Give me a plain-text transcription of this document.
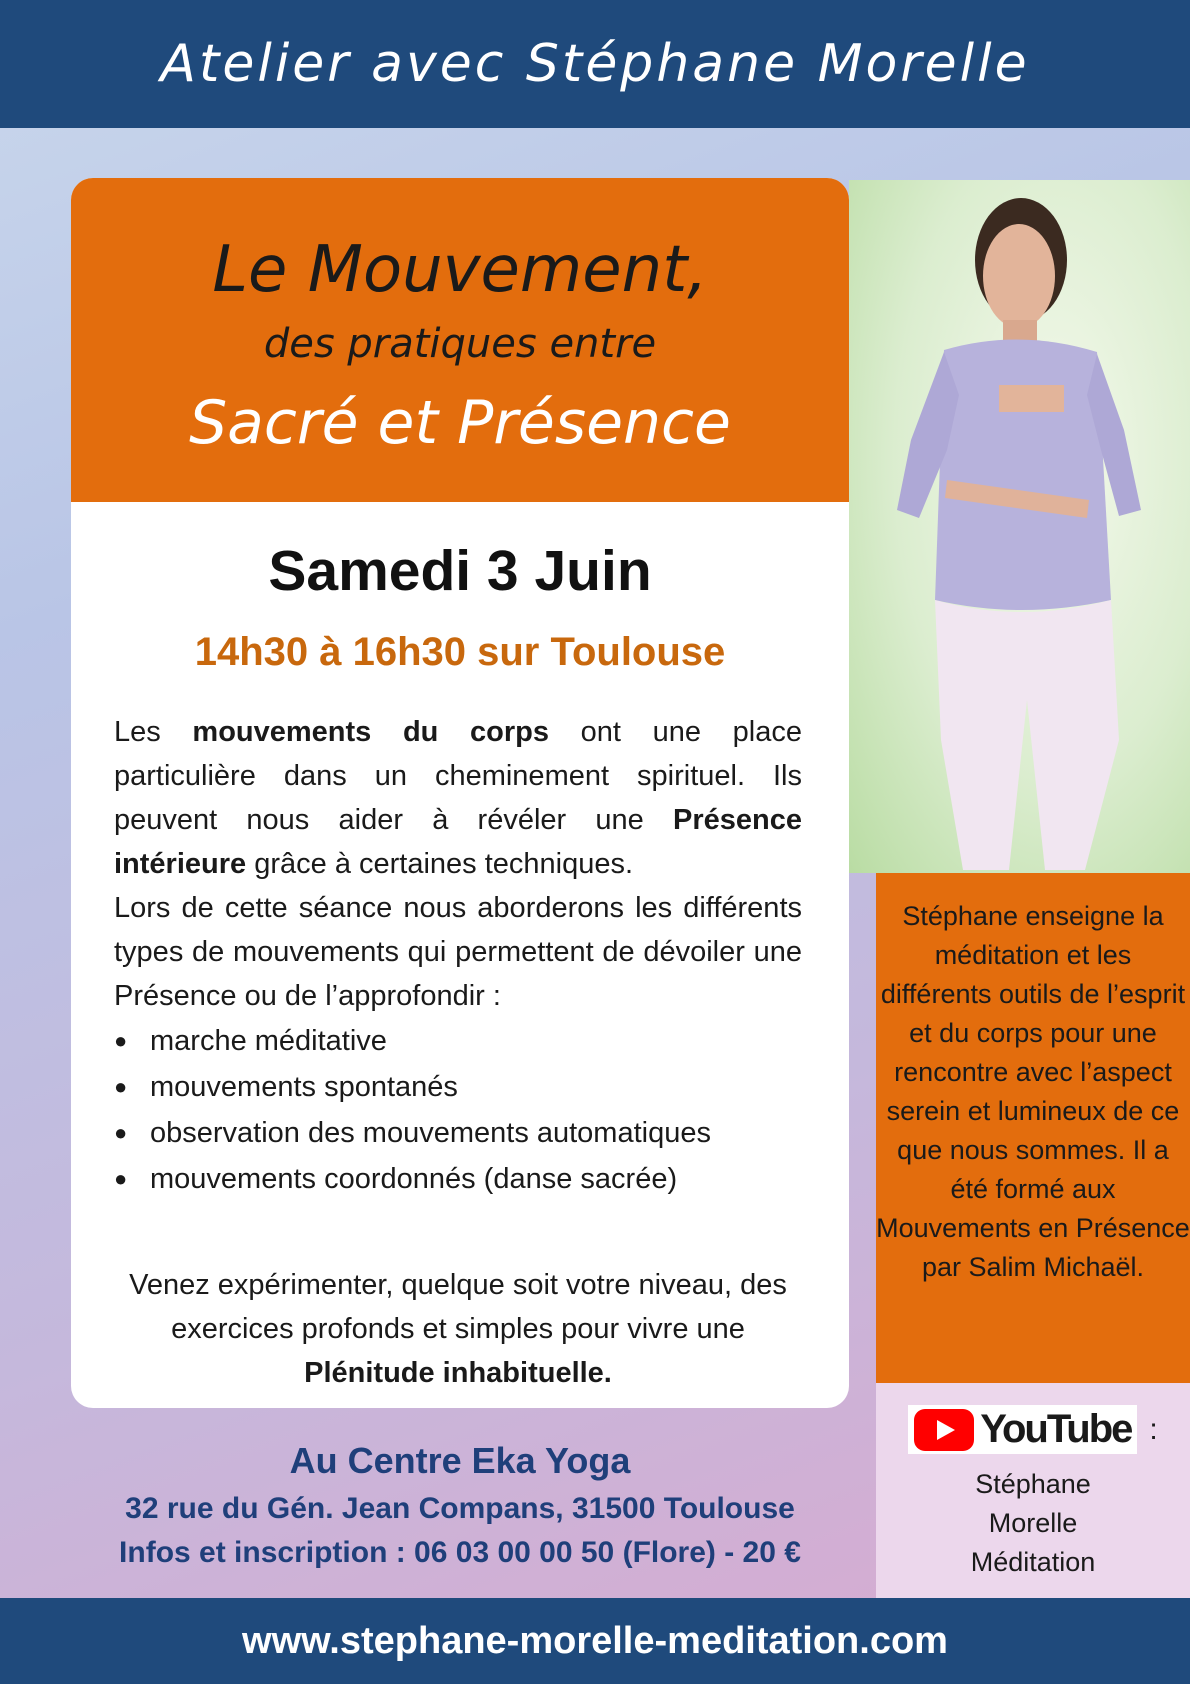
Atelier avec Stéphane Morelle
Le Mouvement,
des pratiques entre
Sacré et Présence
Samedi 3 Juin
14h30 à 16h30 sur Toulouse

Les mouvements du corps ont une place particulière dans un cheminement spirituel. Ils peuvent nous aider à révéler une Présence intérieure grâce à certaines techniques.

Lors de cette séance nous aborderons les différents types de mouvements qui permettent de dévoiler une Présence ou de l’approfondir :

● marche méditative
● mouvements spontanés
● observation des mouvements automatiques
● mouvements coordonnés (danse sacrée)
Venez expérimenter, quelque soit votre niveau, des exercices profonds et simples pour vivre une Plénitude inhabituelle.
Au Centre Eka Yoga
32 rue du Gén. Jean Compans, 31500 Toulouse
Infos et inscription : 06 03 00 00 50 (Flore) - 20 €
Stéphane enseigne la méditation et les différents outils de l’esprit et du corps pour une rencontre avec l’aspect serein et lumineux de ce que nous sommes. Il a été formé aux Mouvements en Présence par Salim Michaël.
YouTube :
Stéphane
Morelle
Méditation
www.stephane-morelle-meditation.com
